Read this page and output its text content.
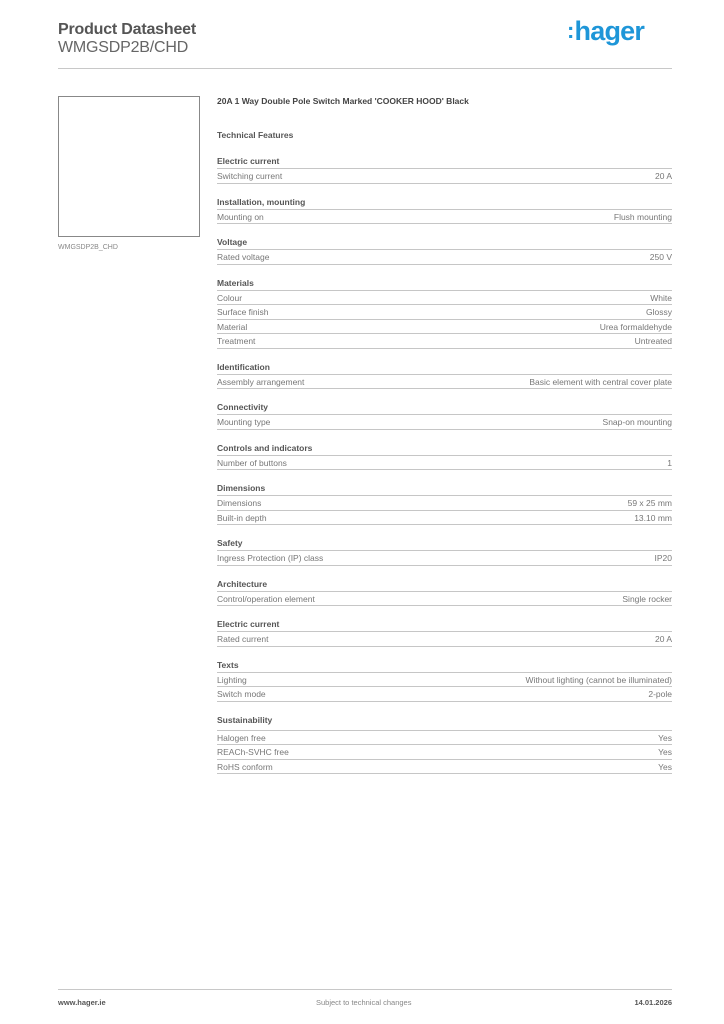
Product Datasheet
WMGSDP2B/CHD
:hager
WMGSDP2B_CHD
20A 1 Way Double Pole Switch Marked 'COOKER HOOD' Black
Technical Features
Electric current
Switching current	20 A
Installation, mounting
Mounting on	Flush mounting
Voltage
Rated voltage	250 V
Materials
Colour	White
Surface finish	Glossy
Material	Urea formaldehyde
Treatment	Untreated
Identification
Assembly arrangement	Basic element with central cover plate
Connectivity
Mounting type	Snap-on mounting
Controls and indicators
Number of buttons	1
Dimensions
Dimensions	59 x 25 mm
Built-in depth	13.10 mm
Safety
Ingress Protection (IP) class	IP20
Architecture
Control/operation element	Single rocker
Electric current
Rated current	20 A
Texts
Lighting	Without lighting (cannot be illuminated)
Switch mode	2-pole
Sustainability
Halogen free	Yes
REACh-SVHC free	Yes
RoHS conform	Yes
www.hager.ie	Subject to technical changes	14.01.2026
